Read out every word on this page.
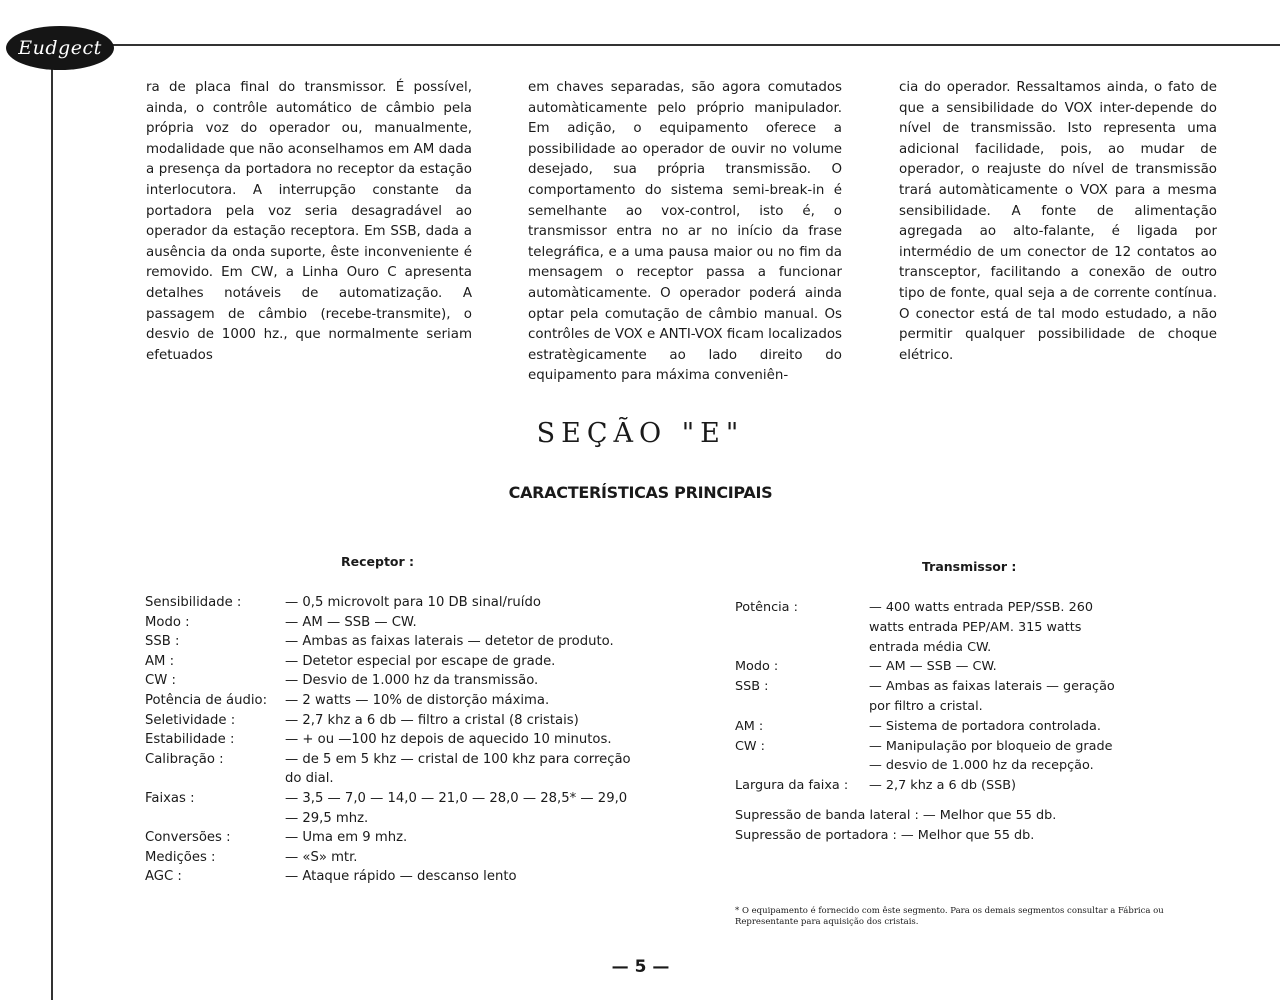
Eudgect

ra de placa final do transmissor. É possível, ainda, o contrôle automático de câmbio pela própria voz do operador ou, manualmente, modalidade que não aconselhamos em AM dada a presença da portadora no receptor da estação interlocutora. A interrupção constante da portadora pela voz seria desagradável ao operador da estação receptora. Em SSB, dada a ausência da onda suporte, êste inconveniente é removido. Em CW, a Linha Ouro C apresenta detalhes notáveis de automatização. A passagem de câmbio (recebe-transmite), o desvio de 1000 hz., que normalmente seriam efetuados

em chaves separadas, são agora comutados automàticamente pelo próprio manipulador. Em adição, o equipamento oferece a possibilidade ao operador de ouvir no volume desejado, sua própria transmissão. O comportamento do sistema semi-break-in é semelhante ao vox-control, isto é, o transmissor entra no ar no início da frase telegráfica, e a uma pausa maior ou no fim da mensagem o receptor passa a funcionar automàticamente. O operador poderá ainda optar pela comutação de câmbio manual. Os contrôles de VOX e ANTI-VOX ficam localizados estratègicamente ao lado direito do equipamento para máxima conveniên-

cia do operador. Ressaltamos ainda, o fato de que a sensibilidade do VOX inter-depende do nível de transmissão. Isto representa uma adicional facilidade, pois, ao mudar de operador, o reajuste do nível de transmissão trará automàticamente o VOX para a mesma sensibilidade. A fonte de alimentação agregada ao alto-falante, é ligada por intermédio de um conector de 12 contatos ao transceptor, facilitando a conexão de outro tipo de fonte, qual seja a de corrente contínua. O conector está de tal modo estudado, a não permitir qualquer possibilidade de choque elétrico.

SEÇÃO "E"
CARACTERÍSTICAS PRINCIPAIS
Receptor :
Sensibilidade :	— 0,5 microvolt para 10 DB sinal/ruído
Modo :	— AM — SSB — CW.
SSB :	— Ambas as faixas laterais — detetor de produto.
AM :	— Detetor especial por escape de grade.
CW :	— Desvio de 1.000 hz da transmissão.
Potência de áudio:	— 2 watts — 10% de distorção máxima.
Seletividade :	— 2,7 khz a 6 db — filtro a cristal (8 cristais)
Estabilidade :	— + ou —100 hz depois de aquecido 10 minutos.
Calibração :	— de 5 em 5 khz — cristal de 100 khz para correção do dial.
Faixas :	— 3,5 — 7,0 — 14,0 — 21,0 — 28,0 — 28,5* — 29,0 — 29,5 mhz.
Conversões :	— Uma em 9 mhz.
Medições :	— «S» mtr.
AGC :	— Ataque rápido — descanso lento
Transmissor :
Potência :	— 400 watts entrada PEP/SSB. 260 watts entrada PEP/AM. 315 watts entrada média CW.
Modo :	— AM — SSB — CW.
SSB :	— Ambas as faixas laterais — geração por filtro a cristal.
AM :	— Sistema de portadora controlada.
CW :	— Manipulação por bloqueio de grade — desvio de 1.000 hz da recepção.
Largura da faixa :	— 2,7 khz a 6 db (SSB)
Supressão de banda lateral : — Melhor que 55 db.
Supressão de portadora : — Melhor que 55 db.
* O equipamento é fornecido com êste segmento. Para os demais segmentos consultar a Fábrica ou Representante para aquisição dos cristais.
— 5 —
